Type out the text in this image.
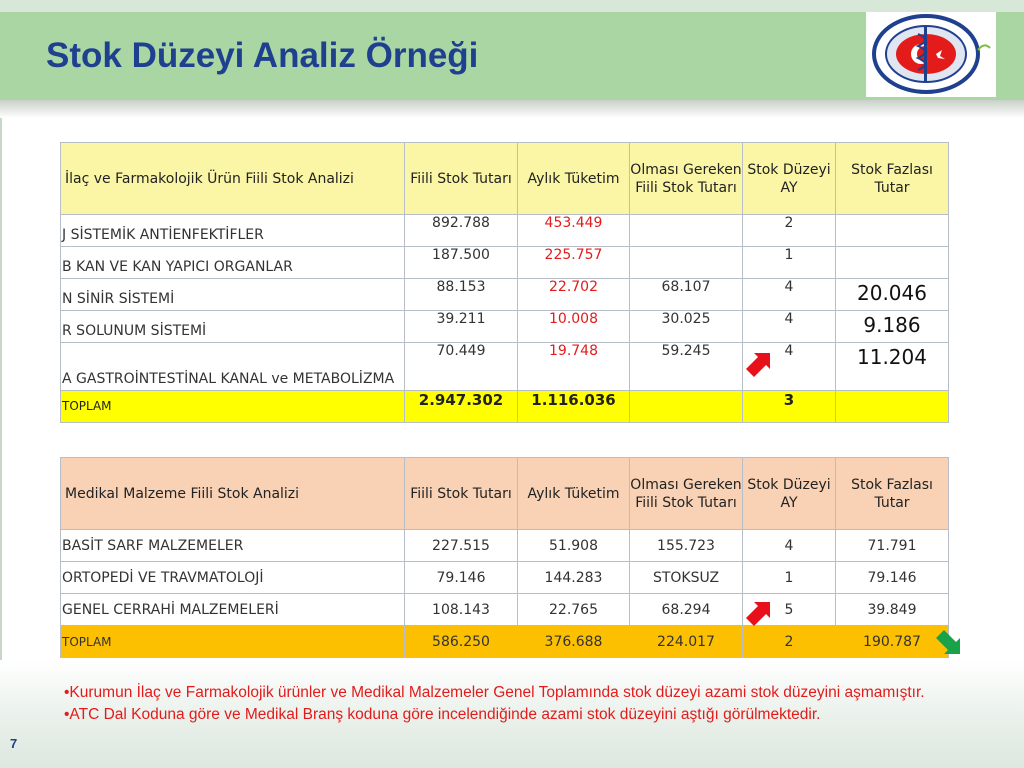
Stok Düzeyi Analiz Örneği
İlaç ve Farmakolojik Ürün Fiili Stok Analizi	Fiili Stok Tutarı	Aylık Tüketim	Olması Gereken Fiili Stok Tutarı	Stok Düzeyi AY	Stok Fazlası Tutar
J SİSTEMİK ANTİENFEKTİFLER	892.788	453.449		2	
B KAN VE KAN YAPICI ORGANLAR	187.500	225.757		1	
N SİNİR SİSTEMİ	88.153	22.702	68.107	4	20.046
R SOLUNUM SİSTEMİ	39.211	10.008	30.025	4	9.186
A GASTROİNTESTİNAL KANAL ve METABOLİZMA	70.449	19.748	59.245	4	11.204
TOPLAM	2.947.302	1.116.036		3	
Medikal Malzeme Fiili Stok Analizi	Fiili Stok Tutarı	Aylık Tüketim	Olması Gereken Fiili Stok Tutarı	Stok Düzeyi AY	Stok Fazlası Tutar
BASİT SARF MALZEMELER	227.515	51.908	155.723	4	71.791
ORTOPEDİ VE TRAVMATOLOJİ	79.146	144.283	STOKSUZ	1	79.146
GENEL CERRAHİ MALZEMELERİ	108.143	22.765	68.294	5	39.849
TOPLAM	586.250	376.688	224.017	2	190.787

•Kurumun İlaç ve Farmakolojik ürünler ve Medikal Malzemeler Genel Toplamında stok düzeyi azami stok düzeyini aşmamıştır.

•ATC Dal Koduna göre ve Medikal Branş koduna göre incelendiğinde azami stok düzeyini aştığı görülmektedir.

7
